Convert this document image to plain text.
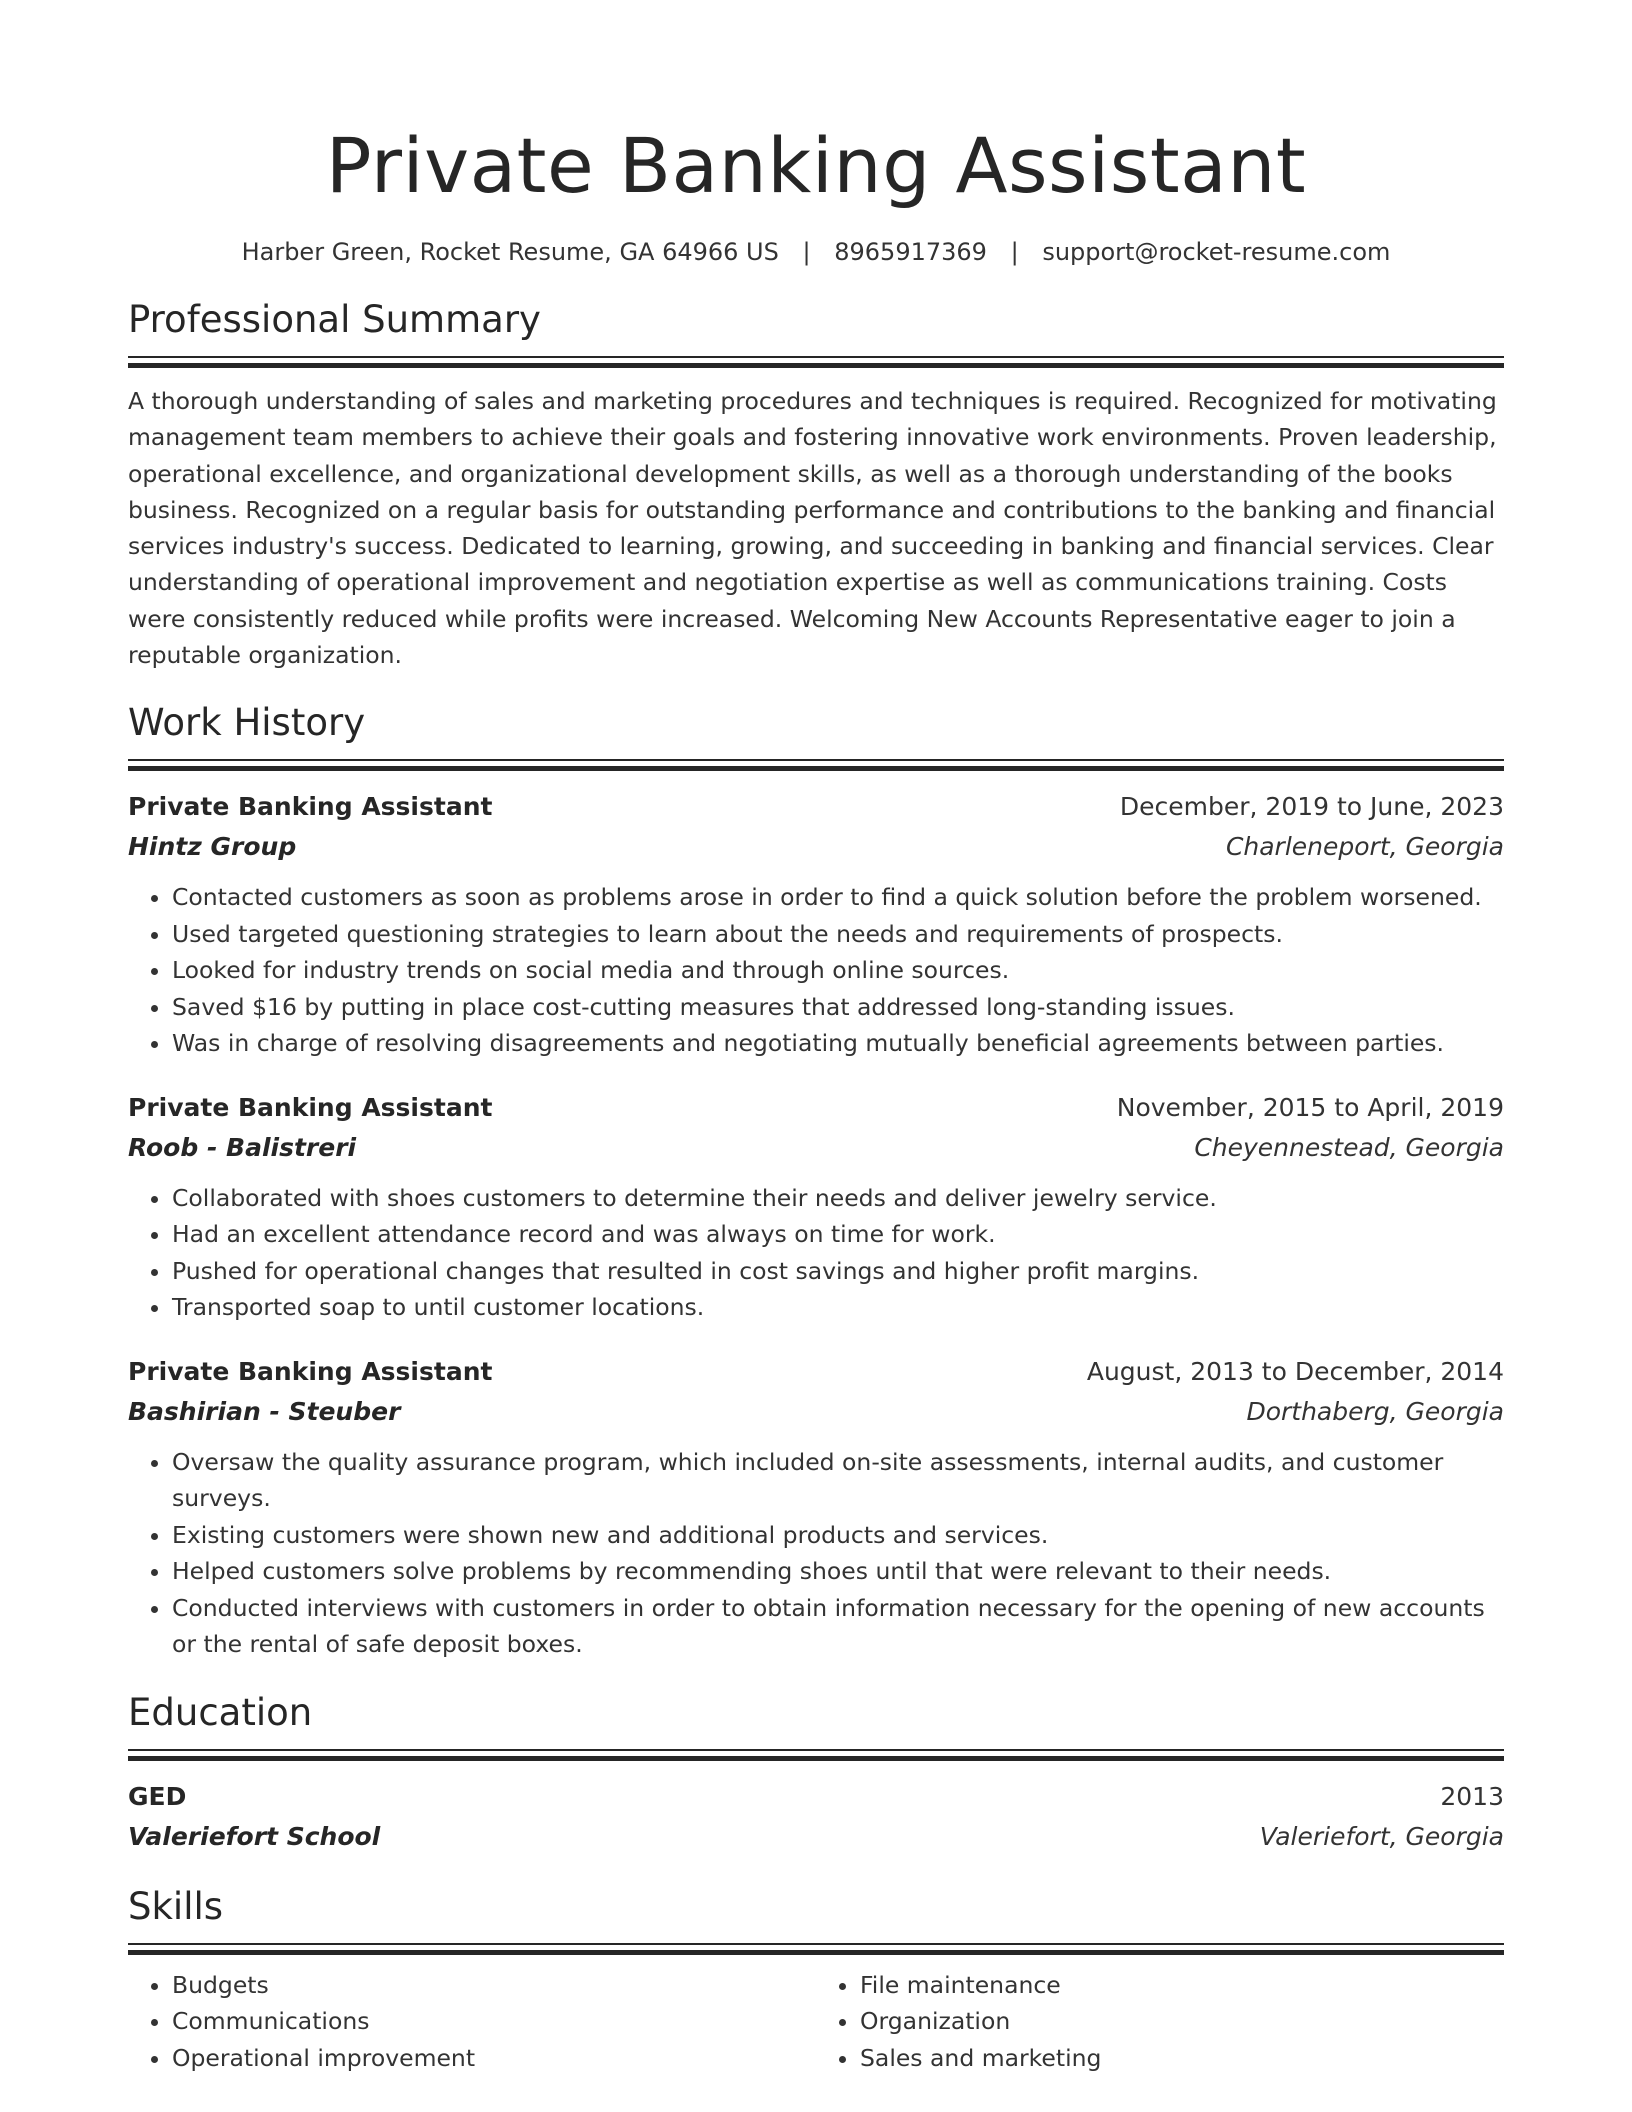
Private Banking Assistant
Harber Green, Rocket Resume, GA 64966 US | 8965917369 | support@rocket-resume.com
Professional Summary
A thorough understanding of sales and marketing procedures and techniques is required. Recognized for motivating management team members to achieve their goals and fostering innovative work environments. Proven leadership, operational excellence, and organizational development skills, as well as a thorough understanding of the books business. Recognized on a regular basis for outstanding performance and contributions to the banking and financial services industry's success. Dedicated to learning, growing, and succeeding in banking and financial services. Clear understanding of operational improvement and negotiation expertise as well as communications training. Costs were consistently reduced while profits were increased. Welcoming New Accounts Representative eager to join a reputable organization.
Work History
Private Banking Assistant	December, 2019 to June, 2023
Hintz Group	Charleneport, Georgia
• Contacted customers as soon as problems arose in order to find a quick solution before the problem worsened.
• Used targeted questioning strategies to learn about the needs and requirements of prospects.
• Looked for industry trends on social media and through online sources.
• Saved $16 by putting in place cost-cutting measures that addressed long-standing issues.
• Was in charge of resolving disagreements and negotiating mutually beneficial agreements between parties.
Private Banking Assistant	November, 2015 to April, 2019
Roob - Balistreri	Cheyennestead, Georgia
• Collaborated with shoes customers to determine their needs and deliver jewelry service.
• Had an excellent attendance record and was always on time for work.
• Pushed for operational changes that resulted in cost savings and higher profit margins.
• Transported soap to until customer locations.
Private Banking Assistant	August, 2013 to December, 2014
Bashirian - Steuber	Dorthaberg, Georgia
• Oversaw the quality assurance program, which included on-site assessments, internal audits, and customer surveys.
• Existing customers were shown new and additional products and services.
• Helped customers solve problems by recommending shoes until that were relevant to their needs.
• Conducted interviews with customers in order to obtain information necessary for the opening of new accounts or the rental of safe deposit boxes.
Education
GED	2013
Valeriefort School	Valeriefort, Georgia
Skills
• Budgets
• Communications
• Operational improvement
• File maintenance
• Organization
• Sales and marketing
